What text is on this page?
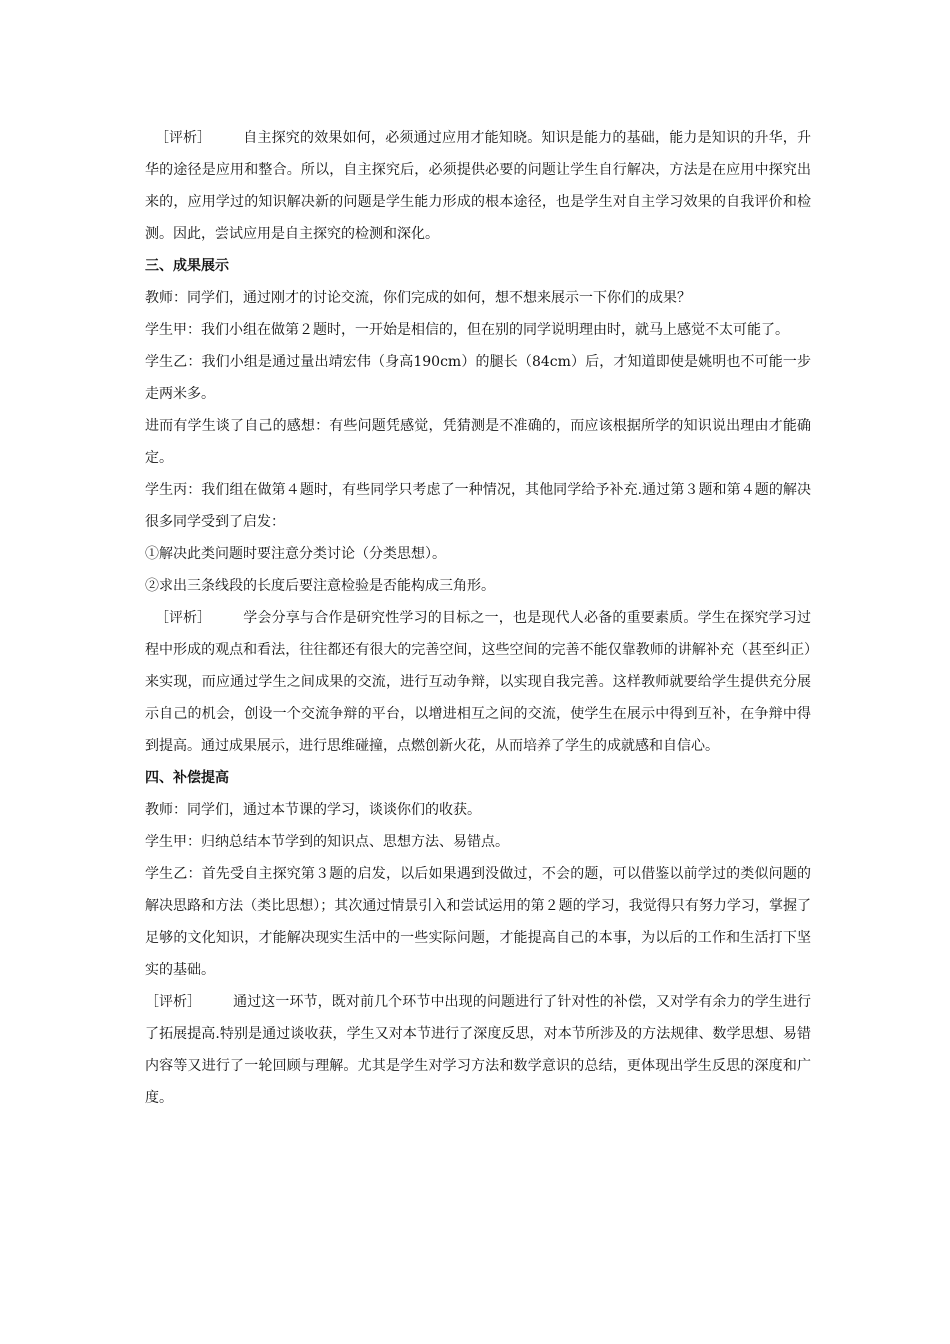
［评析］ 自主探究的效果如何，必须通过应用才能知晓。知识是能力的基础，能力是知识的升华，升华的途径是应用和整合。所以，自主探究后，必须提供必要的问题让学生自行解决，方法是在应用中探究出来的，应用学过的知识解决新的问题是学生能力形成的根本途径，也是学生对自主学习效果的自我评价和检测。因此，尝试应用是自主探究的检测和深化。

三、成果展示

教师：同学们，通过刚才的讨论交流，你们完成的如何，想不想来展示一下你们的成果？

学生甲：我们小组在做第２题时，一开始是相信的，但在别的同学说明理由时，就马上感觉不太可能了。

学生乙：我们小组是通过量出靖宏伟（身高190cm）的腿长（84cm）后，才知道即使是姚明也不可能一步走两米多。

进而有学生谈了自己的感想：有些问题凭感觉，凭猜测是不准确的，而应该根据所学的知识说出理由才能确定。

学生丙：我们组在做第４题时，有些同学只考虑了一种情况，其他同学给予补充.通过第３题和第４题的解决很多同学受到了启发：

①解决此类问题时要注意分类讨论（分类思想）。

②求出三条线段的长度后要注意检验是否能构成三角形。

［评析］ 学会分享与合作是研究性学习的目标之一，也是现代人必备的重要素质。学生在探究学习过程中形成的观点和看法，往往都还有很大的完善空间，这些空间的完善不能仅靠教师的讲解补充（甚至纠正）来实现，而应通过学生之间成果的交流，进行互动争辩，以实现自我完善。这样教师就要给学生提供充分展示自己的机会，创设一个交流争辩的平台，以增进相互之间的交流，使学生在展示中得到互补，在争辩中得到提高。通过成果展示，进行思维碰撞，点燃创新火花，从而培养了学生的成就感和自信心。

四、补偿提高

教师：同学们，通过本节课的学习，谈谈你们的收获。

学生甲：归纳总结本节学到的知识点、思想方法、易错点。

学生乙：首先受自主探究第３题的启发，以后如果遇到没做过，不会的题，可以借鉴以前学过的类似问题的解决思路和方法（类比思想）；其次通过情景引入和尝试运用的第２题的学习，我觉得只有努力学习，掌握了足够的文化知识，才能解决现实生活中的一些实际问题，才能提高自己的本事，为以后的工作和生活打下坚实的基础。

［评析］ 通过这一环节，既对前几个环节中出现的问题进行了针对性的补偿，又对学有余力的学生进行了拓展提高.特别是通过谈收获，学生又对本节进行了深度反思，对本节所涉及的方法规律、数学思想、易错内容等又进行了一轮回顾与理解。尤其是学生对学习方法和数学意识的总结，更体现出学生反思的深度和广度。
